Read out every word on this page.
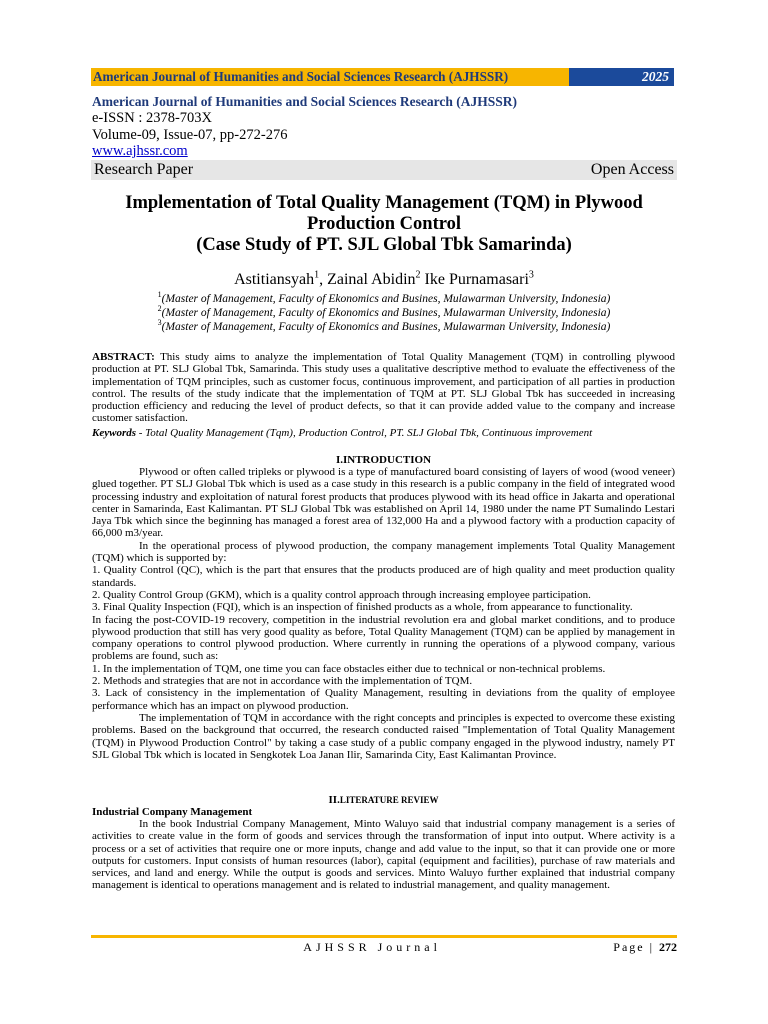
American Journal of Humanities and Social Sciences Research (AJHSSR)	2025
American Journal of Humanities and Social Sciences Research (AJHSSR)
e-ISSN : 2378-703X
Volume-09, Issue-07, pp-272-276
www.ajhssr.com
Research Paper	Open Access
Implementation of Total Quality Management (TQM) in Plywood
Production Control
(Case Study of PT. SJL Global Tbk Samarinda)
Astitiansyah$^1$, Zainal Abidin$^2$ Ike Purnamasari$^3$
$^1$(Master of Management, Faculty of Ekonomics and Busines, Mulawarman University, Indonesia)
$^2$(Master of Management, Faculty of Ekonomics and Busines, Mulawarman University, Indonesia)
$^3$(Master of Management, Faculty of Ekonomics and Busines, Mulawarman University, Indonesia)
ABSTRACT: This study aims to analyze the implementation of Total Quality Management (TQM) in controlling plywood production at PT. SLJ Global Tbk, Samarinda. This study uses a qualitative descriptive method to evaluate the effectiveness of the implementation of TQM principles, such as customer focus, continuous improvement, and participation of all parties in production control. The results of the study indicate that the implementation of TQM at PT. SLJ Global Tbk has succeeded in increasing production efficiency and reducing the level of product defects, so that it can provide added value to the company and increase customer satisfaction.
Keywords - Total Quality Management (Tqm), Production Control, PT. SLJ Global Tbk, Continuous improvement
I.INTRODUCTION

Plywood or often called tripleks or plywood is a type of manufactured board consisting of layers of wood (wood veneer) glued together. PT SLJ Global Tbk which is used as a case study in this research is a public company in the field of integrated wood processing industry and exploitation of natural forest products that produces plywood with its head office in Jakarta and operational center in Samarinda, East Kalimantan. PT SLJ Global Tbk was established on April 14, 1980 under the name PT Sumalindo Lestari Jaya Tbk which since the beginning has managed a forest area of 132,000 Ha and a plywood factory with a production capacity of 66,000 m3/year.

In the operational process of plywood production, the company management implements Total Quality Management (TQM) which is supported by:

1. Quality Control (QC), which is the part that ensures that the products produced are of high quality and meet production quality standards.

2. Quality Control Group (GKM), which is a quality control approach through increasing employee participation.

3. Final Quality Inspection (FQI), which is an inspection of finished products as a whole, from appearance to functionality.

In facing the post-COVID-19 recovery, competition in the industrial revolution era and global market conditions, and to produce plywood production that still has very good quality as before, Total Quality Management (TQM) can be applied by management in company operations to control plywood production. Where currently in running the operations of a plywood company, various problems are found, such as:

1. In the implementation of TQM, one time you can face obstacles either due to technical or non-technical problems.

2. Methods and strategies that are not in accordance with the implementation of TQM.

3. Lack of consistency in the implementation of Quality Management, resulting in deviations from the quality of employee performance which has an impact on plywood production.

The implementation of TQM in accordance with the right concepts and principles is expected to overcome these existing problems. Based on the background that occurred, the research conducted raised "Implementation of Total Quality Management (TQM) in Plywood Production Control" by taking a case study of a public company engaged in the plywood industry, namely PT SJL Global Tbk which is located in Sengkotek Loa Janan Ilir, Samarinda City, East Kalimantan Province.

II.LITERATURE REVIEW
Industrial Company Management

In the book Industrial Company Management, Minto Waluyo said that industrial company management is a series of activities to create value in the form of goods and services through the transformation of input into output. Where activity is a process or a set of activities that require one or more inputs, change and add value to the input, so that it can provide one or more outputs for customers. Input consists of human resources (labor), capital (equipment and facilities), purchase of raw materials and services, and land and energy. While the output is goods and services. Minto Waluyo further explained that industrial company management is identical to operations management and is related to industrial management, and quality management.

AJHSSR Journal	Page | 272
